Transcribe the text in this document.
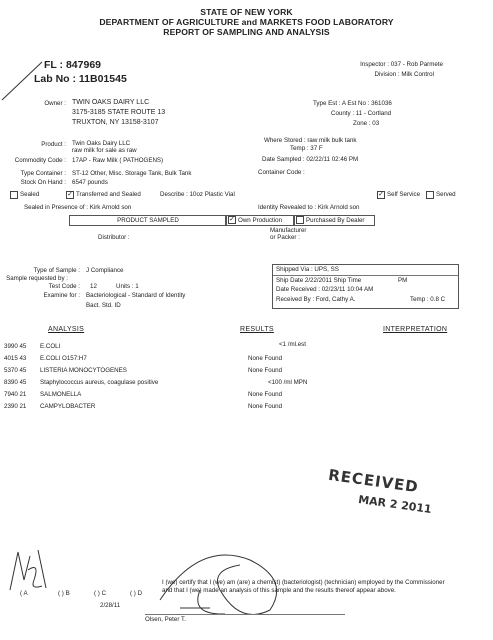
STATE OF NEW YORK
DEPARTMENT OF AGRICULTURE and MARKETS FOOD LABORATORY
REPORT OF SAMPLING AND ANALYSIS
FL : 847969
Lab No : 11B01545
Inspector : 037 - Rob Parmete
Division : Milk Control
Owner : TWIN OAKS DAIRY LLC
3175-3185 STATE ROUTE 13
TRUXTON, NY 13158-3107
Type Est : A Est No : 361036
County : 11 - Cortland
Zone : 03
Product : Twin Oaks Dairy LLC
raw milk for sale as raw
Commodity Code : 17AP - Raw Milk ( PATHOGENS)
Type Container : ST-12 Other, Misc. Storage Tank, Bulk Tank
Stock On Hand : 6547 pounds
Where Stored : raw milk bulk tank
Temp : 37 F
Date Sampled : 02/22/11 02:46 PM
Container Code :
Sealed	✓ Transferred and Sealed	Describe : 10oz Plastic Vial	✓ Self Service	Served
Sealed in Presence of : Kirk Arnold son	Identity Revealed to : Kirk Arnold son
PRODUCT SAMPLED	✓ Own Production	Purchased By Dealer
Distributor :
Manufacturer
or Packer :
Type of Sample : J Compliance
Sample requested by :
Test Code : 12	Units : 1
Examine for : Bacteriological - Standard of Identity
Bact. Std. ID
Shipped Via : UPS, SS
Ship Date 2/22/2011 Ship Time	PM
Date Received : 02/23/11 10:04 AM
Received By : Ford, Cathy A.	Temp : 0.8 C
ANALYSIS	RESULTS	INTERPRETATION
3990 45 E.COLI	<1 /ml.est
4015 43 E.COLI O157:H7	None Found
5370 45 LISTERIA MONOCYTOGENES	None Found
8390 45 Staphylococcus aureus, coagulase positive	<100 /ml MPN
7940 21 SALMONELLA	None Found
2390 21 CAMPYLOBACTER	None Found
RECEIVED
MAR 2 2011
I (we) certify that I (we) am (are) a chemist) (bacteriologist) (technician) employed by the Commissioner
and that I (we) made an analysis of this sample and the results thereof appear above.
( A	( ) B	( ) C	( ) D
2/28/11
Olsen, Peter T.
